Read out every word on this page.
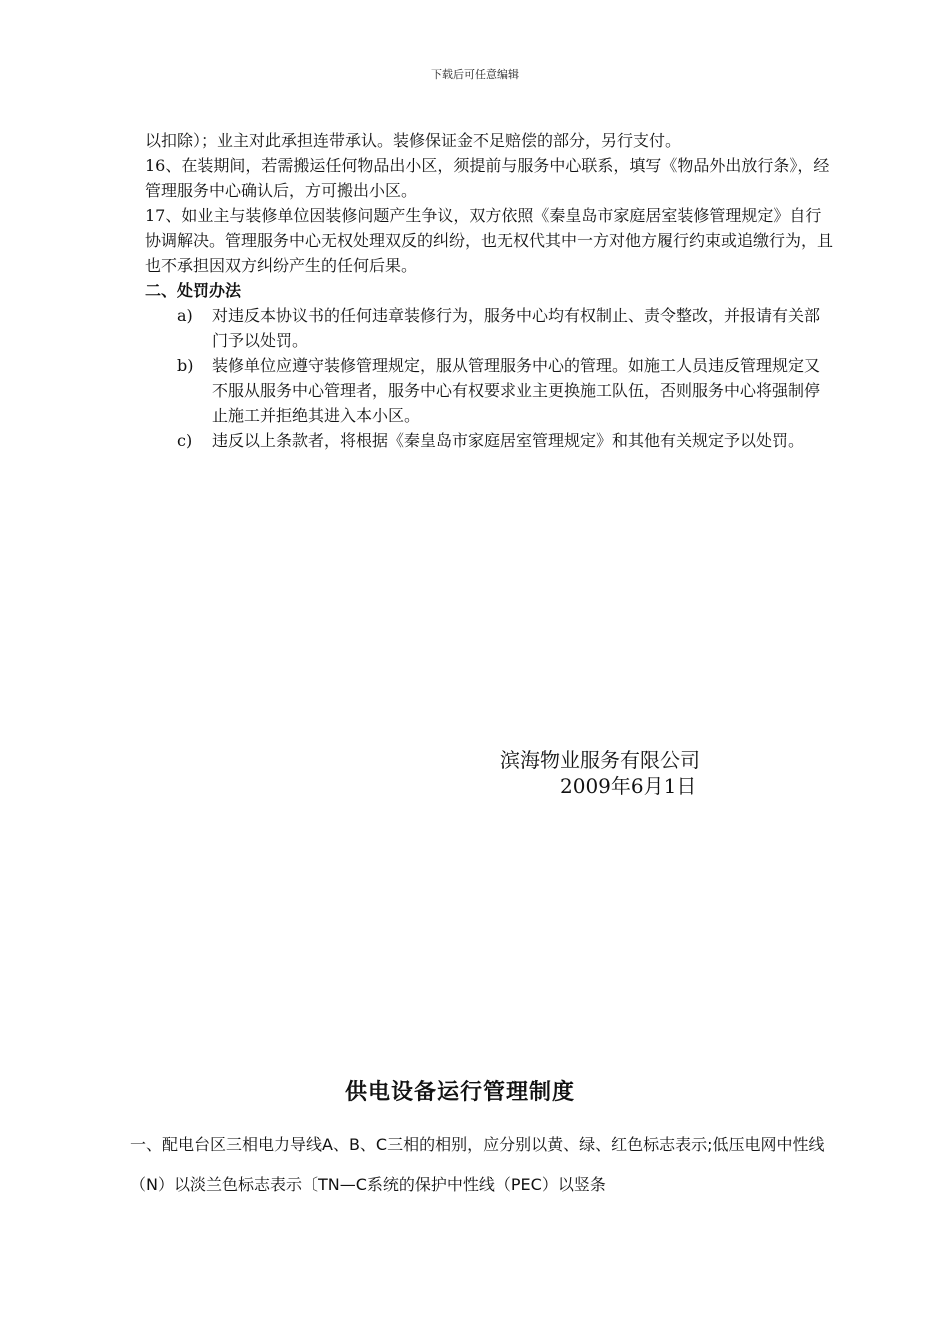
下载后可任意编辑

以扣除）；业主对此承担连带承认。装修保证金不足赔偿的部分，另行支付。

16、在装期间，若需搬运任何物品出小区，须提前与服务中心联系，填写《物品外出放行条》，经管理服务中心确认后，方可搬出小区。

17、如业主与装修单位因装修问题产生争议，双方依照《秦皇岛市家庭居室装修管理规定》自行协调解决。管理服务中心无权处理双反的纠纷，也无权代其中一方对他方履行约束或追缴行为，且也不承担因双方纠纷产生的任何后果。

二、处罚办法

a) 对违反本协议书的任何违章装修行为，服务中心均有权制止、责令整改，并报请有关部门予以处罚。

b) 装修单位应遵守装修管理规定，服从管理服务中心的管理。如施工人员违反管理规定又不服从服务中心管理者，服务中心有权要求业主更换施工队伍，否则服务中心将强制停止施工并拒绝其进入本小区。

c) 违反以上条款者，将根据《秦皇岛市家庭居室管理规定》和其他有关规定予以处罚。

滨海物业服务有限公司
2009年6月1日
供电设备运行管理制度

一、配电台区三相电力导线A、B、C三相的相别，应分别以黄、绿、红色标志表示;低压电网中性线（N）以淡兰色标志表示〔TN—C系统的保护中性线（PEC）以竖条
